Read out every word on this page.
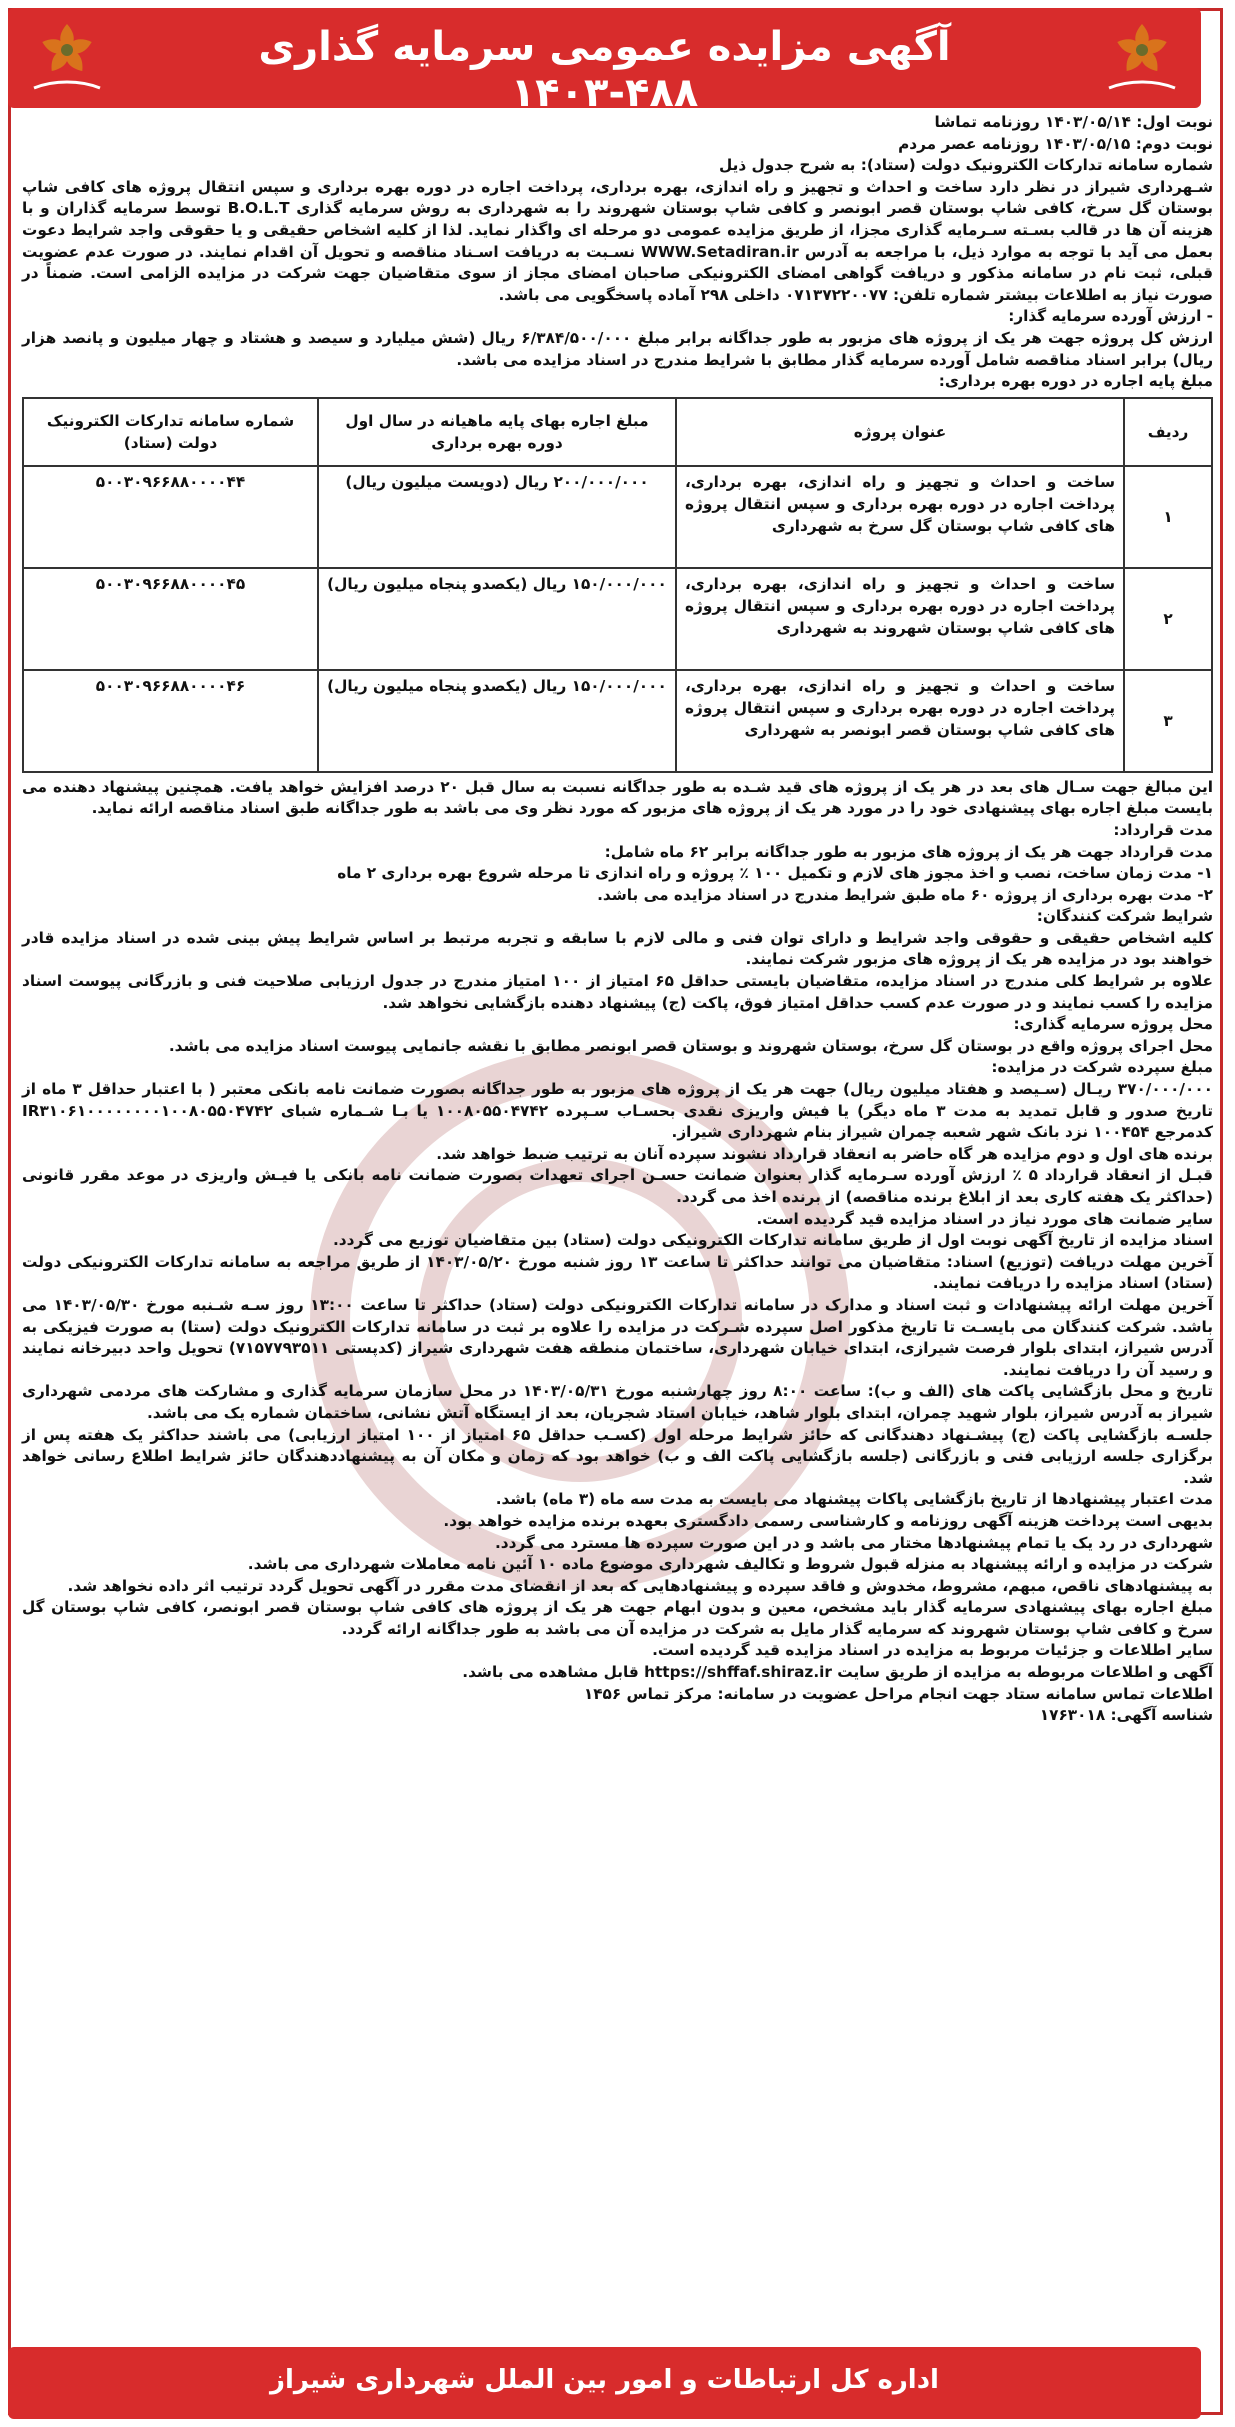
آگهی مزایده عمومی سرمایه گذاری ۴۸۸-۱۴۰۳

نوبت اول: ۱۴۰۳/۰۵/۱۴ روزنامه تماشا

نوبت دوم: ۱۴۰۳/۰۵/۱۵ روزنامه عصر مردم

شماره سامانه تدارکات الکترونیک دولت (ستاد): به شرح جدول ذیل

شـهرداری شیراز در نظر دارد ساخت و احداث و تجهیز و راه اندازی، بهره برداری، پرداخت اجاره در دوره بهره برداری و سپس انتقال پروژه های کافی شاپ بوستان گل سرخ، کافی شاپ بوستان قصر ابونصر و کافی شاپ بوستان شهروند را به شهرداری به روش سرمایه گذاری B.O.L.T توسط سرمایه گذاران و با هزینه آن ها در قالب بسـته سـرمایه گذاری مجزا، از طریق مزایده عمومی دو مرحله ای واگذار نماید. لذا از کلیه اشخاص حقیقی و یا حقوقی واجد شرایط دعوت بعمل می آید با توجه به موارد ذیل، با مراجعه به آدرس WWW.Setadiran.ir نسـبت به دریافت اسـناد مناقصه و تحویل آن اقدام نمایند. در صورت عدم عضویت قبلی، ثبت نام در سامانه مذکور و دریافت گواهی امضای الکترونیکی صاحبان امضای مجاز از سوی متقاضیان جهت شرکت در مزایده الزامی است. ضمناً در صورت نیاز به اطلاعات بیشتر شماره تلفن: ۰۷۱۳۷۲۲۰۰۷۷ داخلی ۲۹۸ آماده پاسخگویی می باشد.

- ارزش آورده سرمایه گذار:

ارزش کل پروژه جهت هر یک از پروژه های مزبور به طور جداگانه برابر مبلغ ۶/۳۸۴/۵۰۰/۰۰۰ ریال (شش میلیارد و سیصد و هشتاد و چهار میلیون و پانصد هزار ریال) برابر اسناد مناقصه شامل آورده سرمایه گذار مطابق با شرایط مندرج در اسناد مزایده می باشد.

مبلغ پایه اجاره در دوره بهره برداری:

ردیف	عنوان پروژه	مبلغ اجاره بهای پایه ماهیانه در سال اول دوره بهره برداری	شماره سامانه تدارکات الکترونیک دولت (ستاد)
۱	ساخت و احداث و تجهیز و راه اندازی، بهره برداری، پرداخت اجاره در دوره بهره برداری و سپس انتقال پروژه های کافی شاپ بوستان گل سرخ به شهرداری	۲۰۰/۰۰۰/۰۰۰ ریال (دویست میلیون ریال)	۵۰۰۳۰۹۶۶۸۸۰۰۰۰۴۴
۲	ساخت و احداث و تجهیز و راه اندازی، بهره برداری، پرداخت اجاره در دوره بهره برداری و سپس انتقال پروژه های کافی شاپ بوستان شهروند به شهرداری	۱۵۰/۰۰۰/۰۰۰ ریال (یکصدو پنجاه میلیون ریال)	۵۰۰۳۰۹۶۶۸۸۰۰۰۰۴۵
۳	ساخت و احداث و تجهیز و راه اندازی، بهره برداری، پرداخت اجاره در دوره بهره برداری و سپس انتقال پروژه های کافی شاپ بوستان قصر ابونصر به شهرداری	۱۵۰/۰۰۰/۰۰۰ ریال (یکصدو پنجاه میلیون ریال)	۵۰۰۳۰۹۶۶۸۸۰۰۰۰۴۶

این مبالغ جهت سـال های بعد در هر یک از پروژه های قید شـده به طور جداگانه نسبت به سال قبل ۲۰ درصد افزایش خواهد یافت. همچنین پیشنهاد دهنده می بایست مبلغ اجاره بهای پیشنهادی خود را در مورد هر یک از پروژه های مزبور که مورد نظر وی می باشد به طور جداگانه طبق اسناد مناقصه ارائه نماید.

مدت قرارداد:

مدت قرارداد جهت هر یک از پروژه های مزبور به طور جداگانه برابر ۶۲ ماه شامل:

۱- مدت زمان ساخت، نصب و اخذ مجوز های لازم و تکمیل ۱۰۰ ٪ پروژه و راه اندازی تا مرحله شروع بهره برداری ۲ ماه

۲- مدت بهره برداری از پروژه ۶۰ ماه طبق شرایط مندرج در اسناد مزایده می باشد.

شرایط شرکت کنندگان:

کلیه اشخاص حقیقی و حقوقی واجد شرایط و دارای توان فنی و مالی لازم با سابقه و تجربه مرتبط بر اساس شرایط پیش بینی شده در اسناد مزایده قادر خواهند بود در مزایده هر یک از پروژه های مزبور شرکت نمایند.

علاوه بر شرایط کلی مندرج در اسناد مزایده، متقاضیان بایستی حداقل ۶۵ امتیاز از ۱۰۰ امتیاز مندرج در جدول ارزیابی صلاحیت فنی و بازرگانی پیوست اسناد مزایده را کسب نمایند و در صورت عدم کسب حداقل امتیاز فوق، پاکت (ج) پیشنهاد دهنده بازگشایی نخواهد شد.

محل پروژه سرمایه گذاری:

محل اجرای پروژه واقع در بوستان گل سرخ، بوستان شهروند و بوستان قصر ابونصر مطابق با نقشه جانمایی پیوست اسناد مزایده می باشد.

مبلغ سپرده شرکت در مزایده:

۳۷۰/۰۰۰/۰۰۰ ریـال (سـیصد و هفتاد میلیون ریال) جهت هر یک از پروژه های مزبور به طور جداگانه بصورت ضمانت نامه بانکی معتبر ( با اعتبار حداقل ۳ ماه از تاریخ صدور و قابل تمدید به مدت ۳ ماه دیگر) یا فیش واریزی نقدی بحسـاب سـپرده ۱۰۰۸۰۵۵۰۴۷۴۲ یا بـا شـماره شبای IR۳۱۰۶۱۰۰۰۰۰۰۰۰۱۰۰۸۰۵۵۰۴۷۴۲ کدمرجع ۱۰۰۴۵۴ نزد بانک شهر شعبه چمران شیراز بنام شهرداری شیراز.

برنده های اول و دوم مزایده هر گاه حاضر به انعقاد قرارداد نشوند سپرده آنان به ترتیب ضبط خواهد شد.

قبـل از انعقاد قرارداد ۵ ٪ ارزش آورده سـرمایه گذار بعنوان ضمانت حسـن اجرای تعهدات بصورت ضمانت نامه بانکی یا فیـش واریزی در موعد مقرر قانونی (حداکثر یک هفته کاری بعد از ابلاغ برنده مناقصه) از برنده اخذ می گردد.

سایر ضمانت های مورد نیاز در اسناد مزایده قید گردیده است.

اسناد مزایده از تاریخ آگهی نوبت اول از طریق سامانه تدارکات الکترونیکی دولت (ستاد) بین متقاضیان توزیع می گردد.

آخرین مهلت دریافت (توزیع) اسناد: متقاضیان می توانند حداکثر تا ساعت ۱۳ روز شنبه مورخ ۱۴۰۳/۰۵/۲۰ از طریق مراجعه به سامانه تدارکات الکترونیکی دولت (ستاد) اسناد مزایده را دریافت نمایند.

آخرین مهلت ارائه پیشنهادات و ثبت اسناد و مدارک در سامانه تدارکات الکترونیکی دولت (ستاد) حداکثر تا ساعت ۱۳:۰۰ روز سـه شـنبه مورخ ۱۴۰۳/۰۵/۳۰ می باشد. شرکت کنندگان می بایسـت تا تاریخ مذکور اصل سپرده شـرکت در مزایده را علاوه بر ثبت در سامانه تدارکات الکترونیک دولت (ستا) به صورت فیزیکی به آدرس شیراز، ابتدای بلوار فرصت شیرازی، ابتدای خیابان شهرداری، ساختمان منطقه هفت شهرداری شیراز (کدپستی ۷۱۵۷۷۹۳۵۱۱) تحویل واحد دبیرخانه نمایند و رسید آن را دریافت نمایند.

تاریخ و محل بازگشایی پاکت های (الف و ب): ساعت ۸:۰۰ روز چهارشنبه مورخ ۱۴۰۳/۰۵/۳۱ در محل سازمان سرمایه گذاری و مشارکت های مردمی شهرداری شیراز به آدرس شیراز، بلوار شهید چمران، ابتدای بلوار شاهد، خیابان استاد شجریان، بعد از ایستگاه آتش نشانی، ساختمان شماره یک می باشد.

جلسـه بازگشایی پاکت (ج) پیشـنهاد دهندگانی که حائز شرایط مرحله اول (کسـب حداقل ۶۵ امتیاز از ۱۰۰ امتیاز ارزیابی) می باشند حداکثر یک هفته پس از برگزاری جلسه ارزیابی فنی و بازرگانی (جلسه بازگشایی پاکت الف و ب) خواهد بود که زمان و مکان آن به پیشنهاددهندگان حائز شرایط اطلاع رسانی خواهد شد.

مدت اعتبار پیشنهادها از تاریخ بازگشایی پاکات پیشنهاد می بایست به مدت سه ماه (۳ ماه) باشد.

بدیهی است پرداخت هزینه آگهی روزنامه و کارشناسی رسمی دادگستری بعهده برنده مزایده خواهد بود.

شهرداری در رد یک یا تمام پیشنهادها مختار می باشد و در این صورت سپرده ها مسترد می گردد.

شرکت در مزایده و ارائه پیشنهاد به منزله قبول شروط و تکالیف شهرداری موضوع ماده ۱۰ آئین نامه معاملات شهرداری می باشد.

به پیشنهادهای ناقص، مبهم، مشروط، مخدوش و فاقد سپرده و پیشنهادهایی که بعد از انقضای مدت مقرر در آگهی تحویل گردد ترتیب اثر داده نخواهد شد.

مبلغ اجاره بهای پیشنهادی سرمایه گذار باید مشخص، معین و بدون ابهام جهت هر یک از پروژه های کافی شاپ بوستان قصر ابونصر، کافی شاپ بوستان گل سرخ و کافی شاپ بوستان شهروند که سرمایه گذار مایل به شرکت در مزایده آن می باشد به طور جداگانه ارائه گردد.

سایر اطلاعات و جزئیات مربوط به مزایده در اسناد مزایده قید گردیده است.

آگهی و اطلاعات مربوطه به مزایده از طریق سایت https://shffaf.shiraz.ir قابل مشاهده می باشد.

اطلاعات تماس سامانه ستاد جهت انجام مراحل عضویت در سامانه: مرکز تماس ۱۴۵۶

شناسه آگهی: ۱۷۶۳۰۱۸

اداره کل ارتباطات و امور بین الملل شهرداری شیراز
